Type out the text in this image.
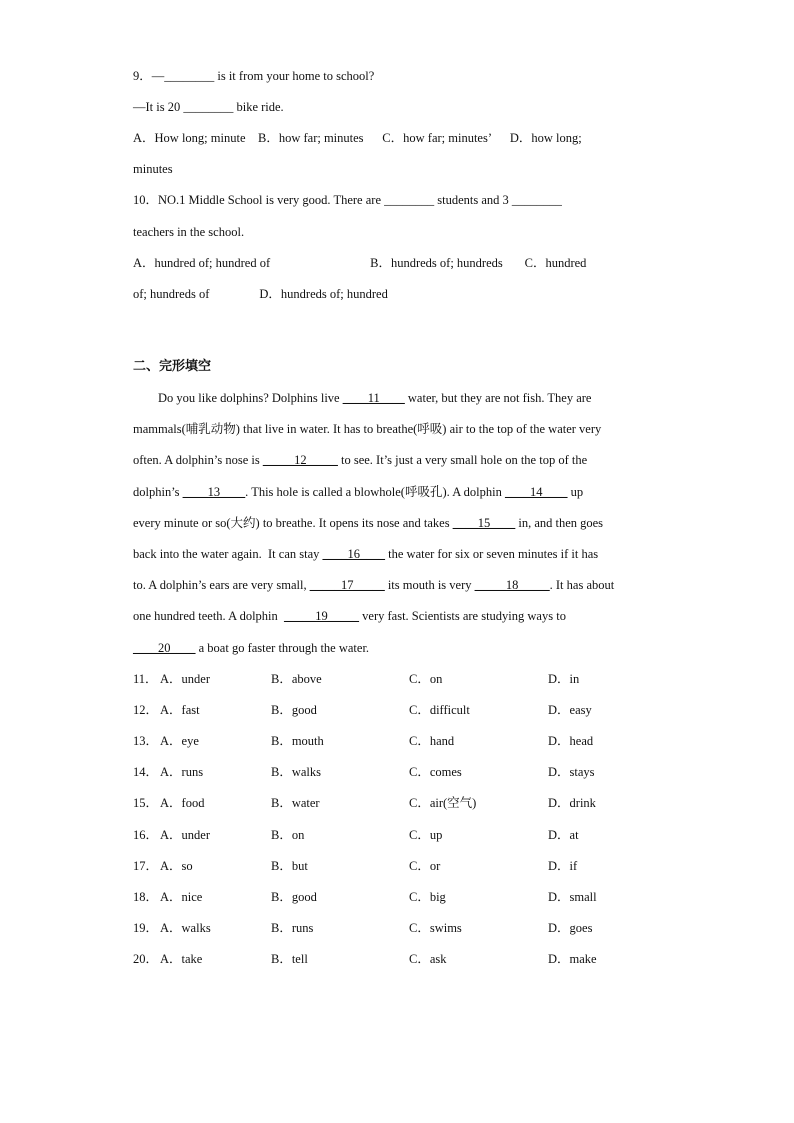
9．—________ is it from your home to school?
—It is 20 ________ bike ride.
A．How long; minute    B．how far; minutes      C．how far; minutes’      D．how long;
minutes
10．NO.1 Middle School is very good. There are ________ students and 3 ________
teachers in the school.
A．hundred of; hundred of                                B．hundreds of; hundreds       C．hundred
of; hundreds of                D．hundreds of; hundred
二、完形填空
Do you like dolphins? Dolphins live ____11____ water, but they are not fish. They are
mammals(哺乳动物) that live in water. It has to breathe(呼吸) air to the top of the water very
often. A dolphin’s nose is _____12_____ to see. It’s just a very small hole on the top of the
dolphin’s ____13____. This hole is called a blowhole(呼吸孔). A dolphin ____14____ up
every minute or so(大约) to breathe. It opens its nose and takes ____15____ in, and then goes
back into the water again.  It can stay ____16____ the water for six or seven minutes if it has
to. A dolphin’s ears are very small, _____17_____ its mouth is very _____18_____. It has about
one hundred teeth. A dolphin  _____19_____ very fast. Scientists are studying ways to
____20____ a boat go faster through the water.
11． A．under	B．above	C．on	D．in
12． A．fast	B．good	C．difficult	D．easy
13． A．eye	B．mouth	C．hand	D．head
14． A．runs	B．walks	C．comes	D．stays
15． A．food	B．water	C．air(空气)	D．drink
16． A．under	B．on	C．up	D．at
17． A．so	B．but	C．or	D．if
18． A．nice	B．good	C．big	D．small
19． A．walks	B．runs	C．swims	D．goes
20． A．take	B．tell	C．ask	D．make
